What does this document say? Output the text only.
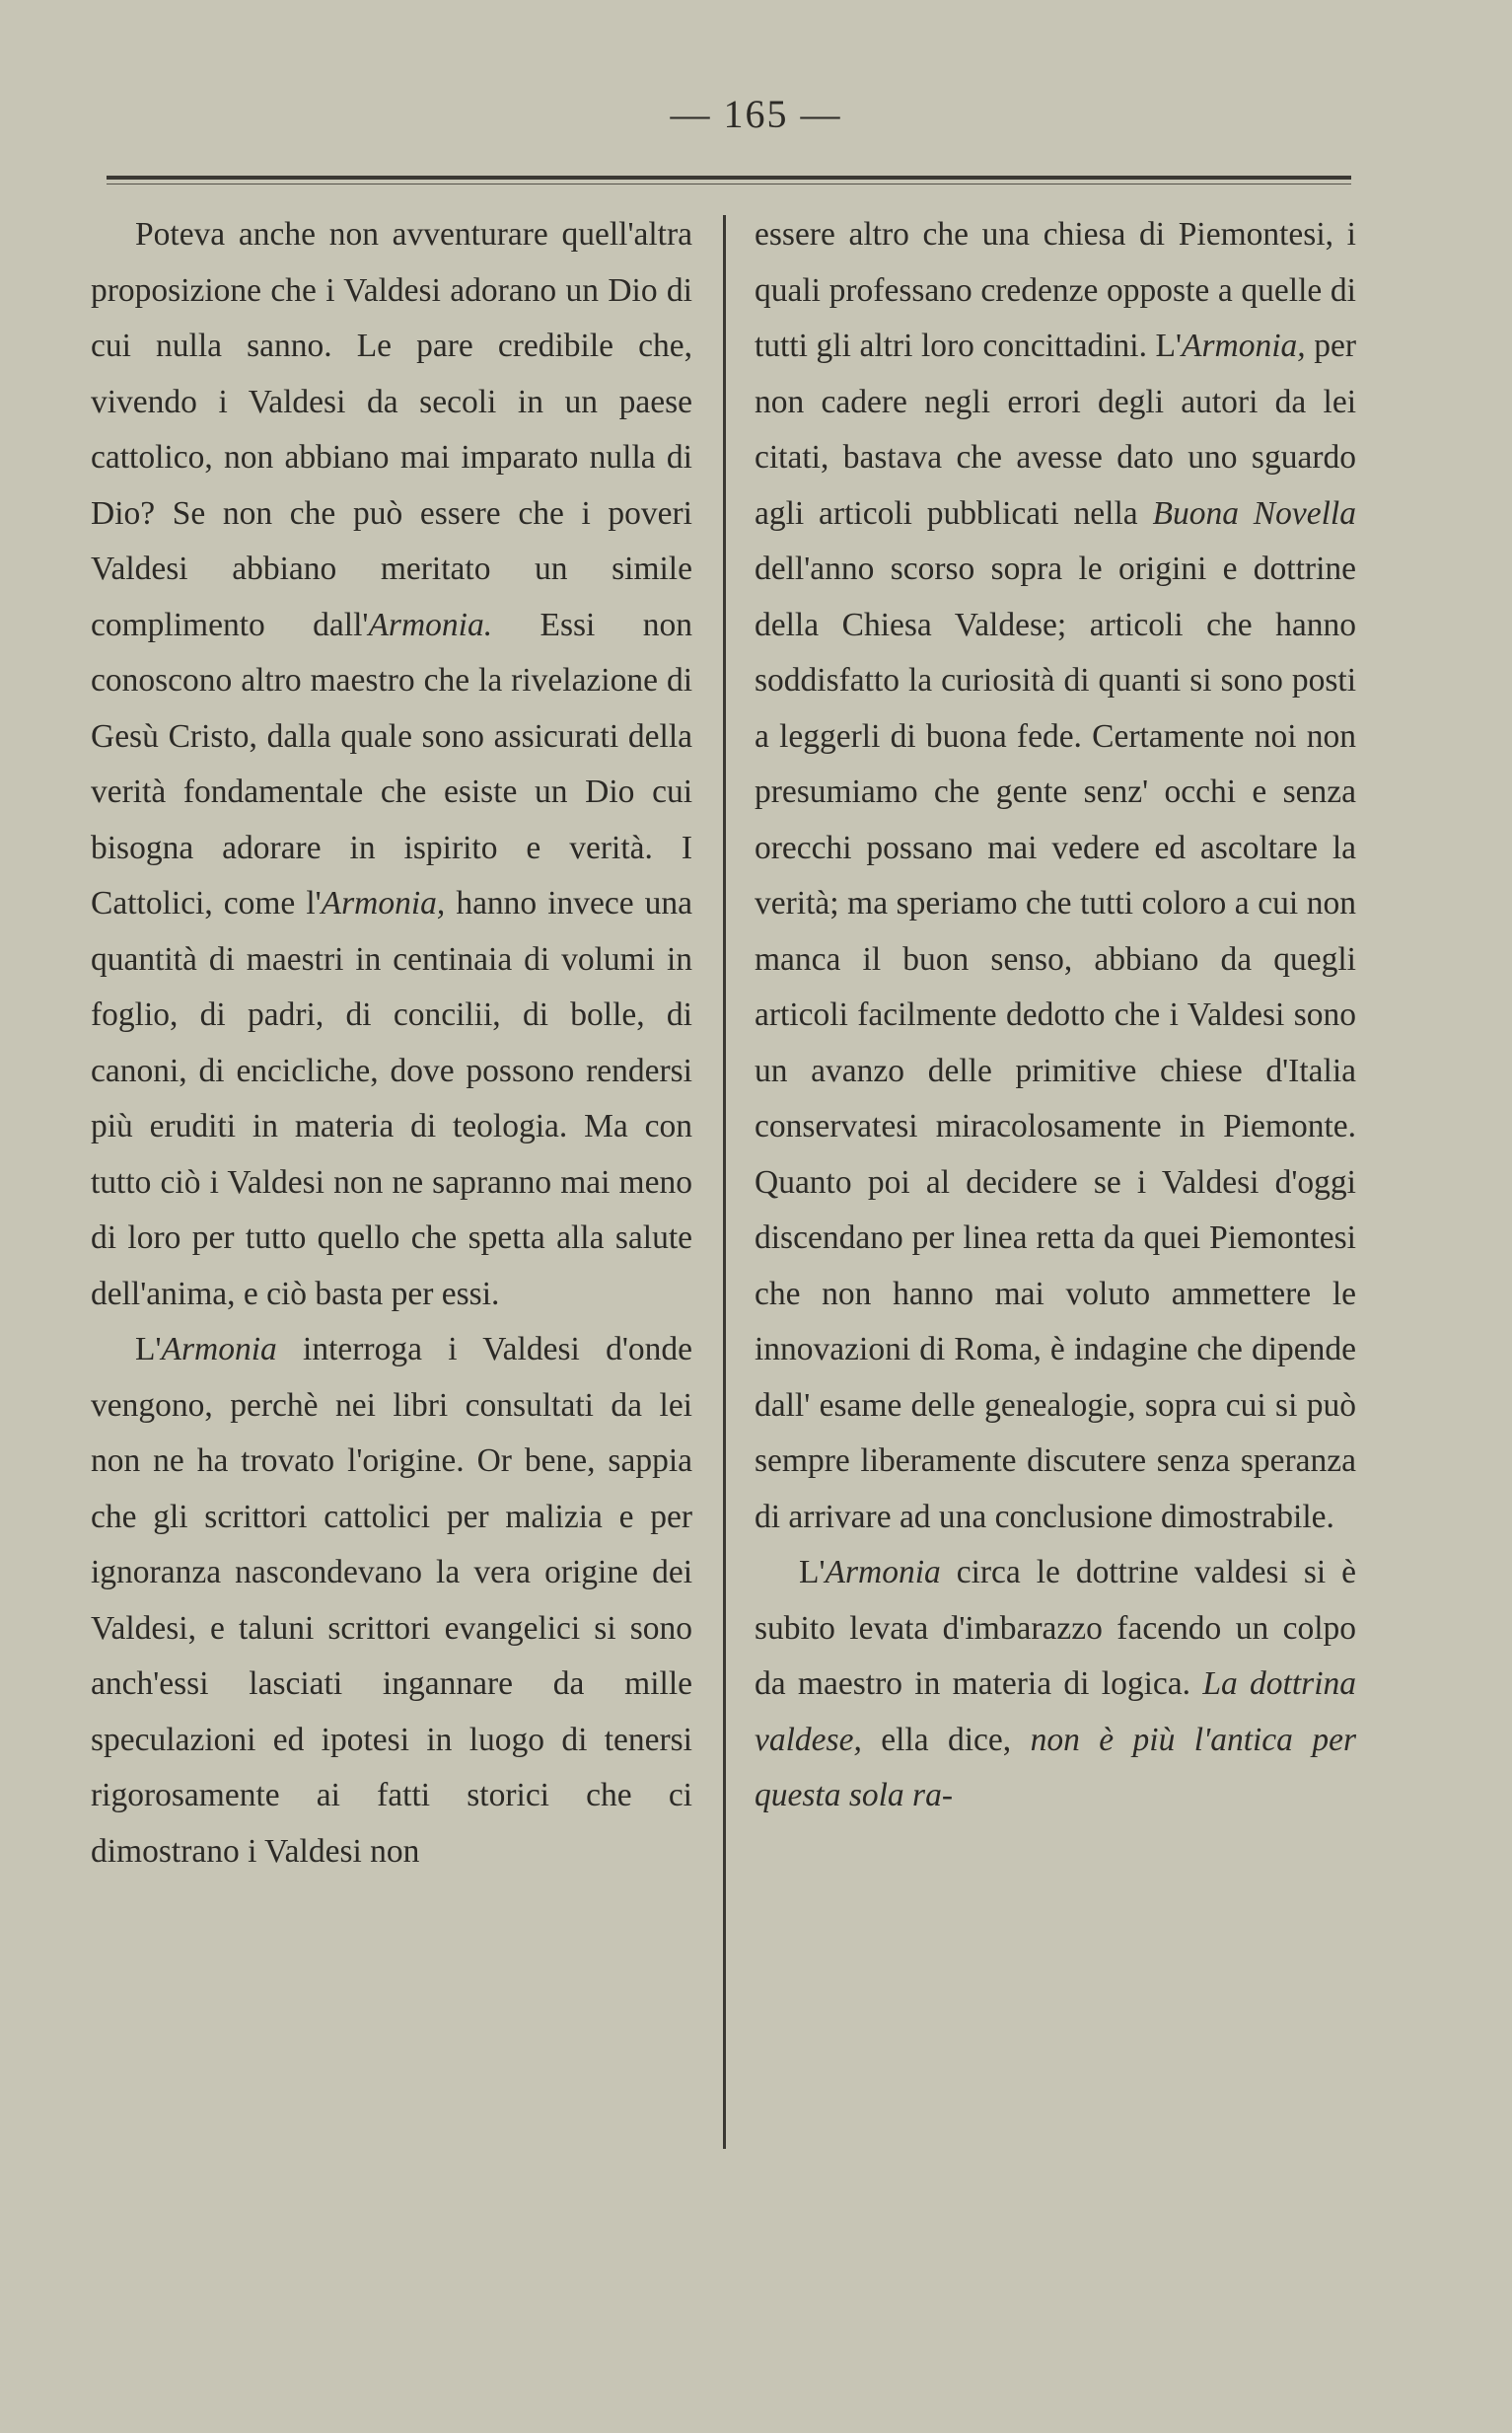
— 165 —

Poteva anche non avventurare quell'altra proposizione che i Valdesi adorano un Dio di cui nulla sanno. Le pare credibile che, vivendo i Valdesi da secoli in un paese cattolico, non abbiano mai imparato nulla di Dio? Se non che può essere che i poveri Valdesi abbiano meritato un simile complimento dall'Armonia. Essi non conoscono altro maestro che la rivelazione di Gesù Cristo, dalla quale sono assicurati della verità fondamentale che esiste un Dio cui bisogna adorare in ispirito e verità. I Cattolici, come l'Armonia, hanno invece una quantità di maestri in centinaia di volumi in foglio, di padri, di concilii, di bolle, di canoni, di encicliche, dove possono rendersi più eruditi in materia di teologia. Ma con tutto ciò i Valdesi non ne sapranno mai meno di loro per tutto quello che spetta alla salute dell'anima, e ciò basta per essi.

L'Armonia interroga i Valdesi d'onde vengono, perchè nei libri consultati da lei non ne ha trovato l'origine. Or bene, sappia che gli scrittori cattolici per malizia e per ignoranza nascondevano la vera origine dei Valdesi, e taluni scrittori evangelici si sono anch'essi lasciati ingannare da mille speculazioni ed ipotesi in luogo di tenersi rigorosamente ai fatti storici che ci dimostrano i Valdesi non

essere altro che una chiesa di Piemontesi, i quali professano credenze opposte a quelle di tutti gli altri loro concittadini. L'Armonia, per non cadere negli errori degli autori da lei citati, bastava che avesse dato uno sguardo agli articoli pubblicati nella Buona Novella dell'anno scorso sopra le origini e dottrine della Chiesa Valdese; articoli che hanno soddisfatto la curiosità di quanti si sono posti a leggerli di buona fede. Certamente noi non presumiamo che gente senz' occhi e senza orecchi possano mai vedere ed ascoltare la verità; ma speriamo che tutti coloro a cui non manca il buon senso, abbiano da quegli articoli facilmente dedotto che i Valdesi sono un avanzo delle primitive chiese d'Italia conservatesi miracolosamente in Piemonte. Quanto poi al decidere se i Valdesi d'oggi discendano per linea retta da quei Piemontesi che non hanno mai voluto ammettere le innovazioni di Roma, è indagine che dipende dall' esame delle genealogie, sopra cui si può sempre liberamente discutere senza speranza di arrivare ad una conclusione dimostrabile.

L'Armonia circa le dottrine valdesi si è subito levata d'imbarazzo facendo un colpo da maestro in materia di logica. La dottrina valdese, ella dice, non è più l'antica per questa sola ra-
